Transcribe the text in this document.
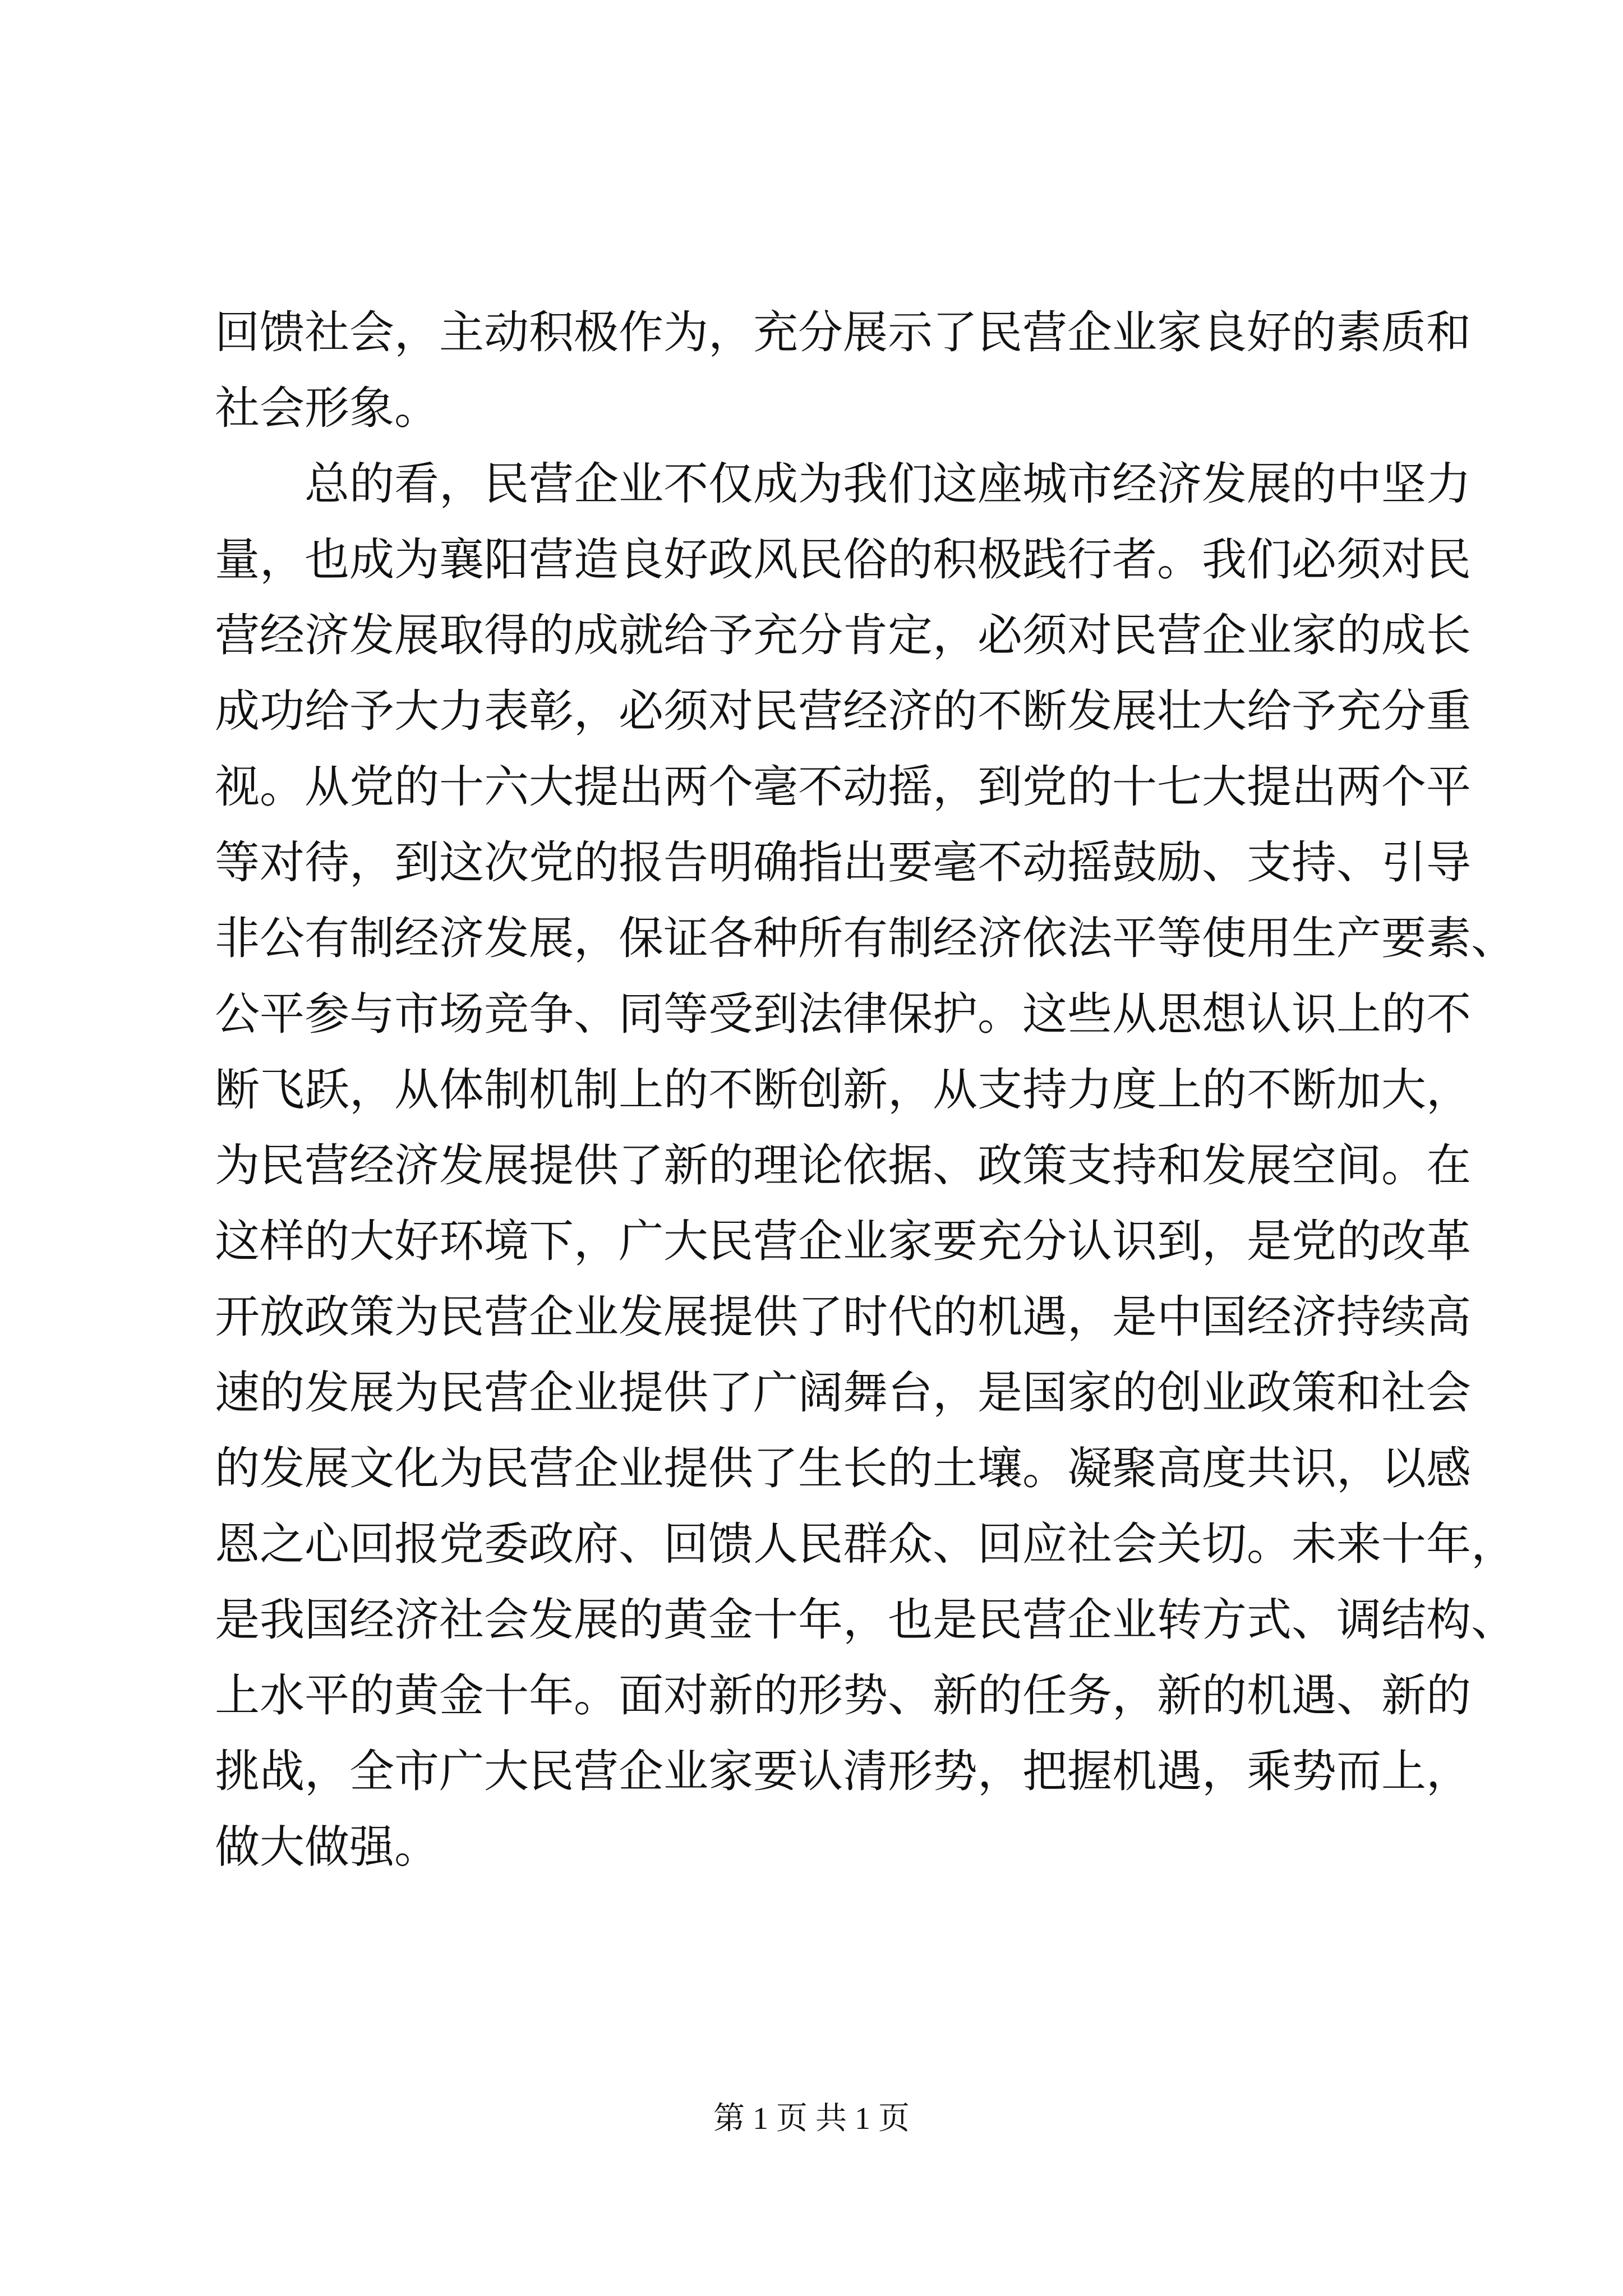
回馈社会，主动积极作为，充分展示了民营企业家良好的素质和
社会形象。
总的看，民营企业不仅成为我们这座城市经济发展的中坚力
量，也成为襄阳营造良好政风民俗的积极践行者。我们必须对民
营经济发展取得的成就给予充分肯定，必须对民营企业家的成长
成功给予大力表彰，必须对民营经济的不断发展壮大给予充分重
视。从党的十六大提出两个毫不动摇，到党的十七大提出两个平
等对待，到这次党的报告明确指出要毫不动摇鼓励、支持、引导
非公有制经济发展，保证各种所有制经济依法平等使用生产要素、
公平参与市场竞争、同等受到法律保护。这些从思想认识上的不
断飞跃，从体制机制上的不断创新，从支持力度上的不断加大，
为民营经济发展提供了新的理论依据、政策支持和发展空间。在
这样的大好环境下，广大民营企业家要充分认识到，是党的改革
开放政策为民营企业发展提供了时代的机遇，是中国经济持续高
速的发展为民营企业提供了广阔舞台，是国家的创业政策和社会
的发展文化为民营企业提供了生长的土壤。凝聚高度共识，以感
恩之心回报党委政府、回馈人民群众、回应社会关切。未来十年，
是我国经济社会发展的黄金十年，也是民营企业转方式、调结构、
上水平的黄金十年。面对新的形势、新的任务，新的机遇、新的
挑战，全市广大民营企业家要认清形势，把握机遇，乘势而上，
做大做强。
第 1 页 共 1 页
